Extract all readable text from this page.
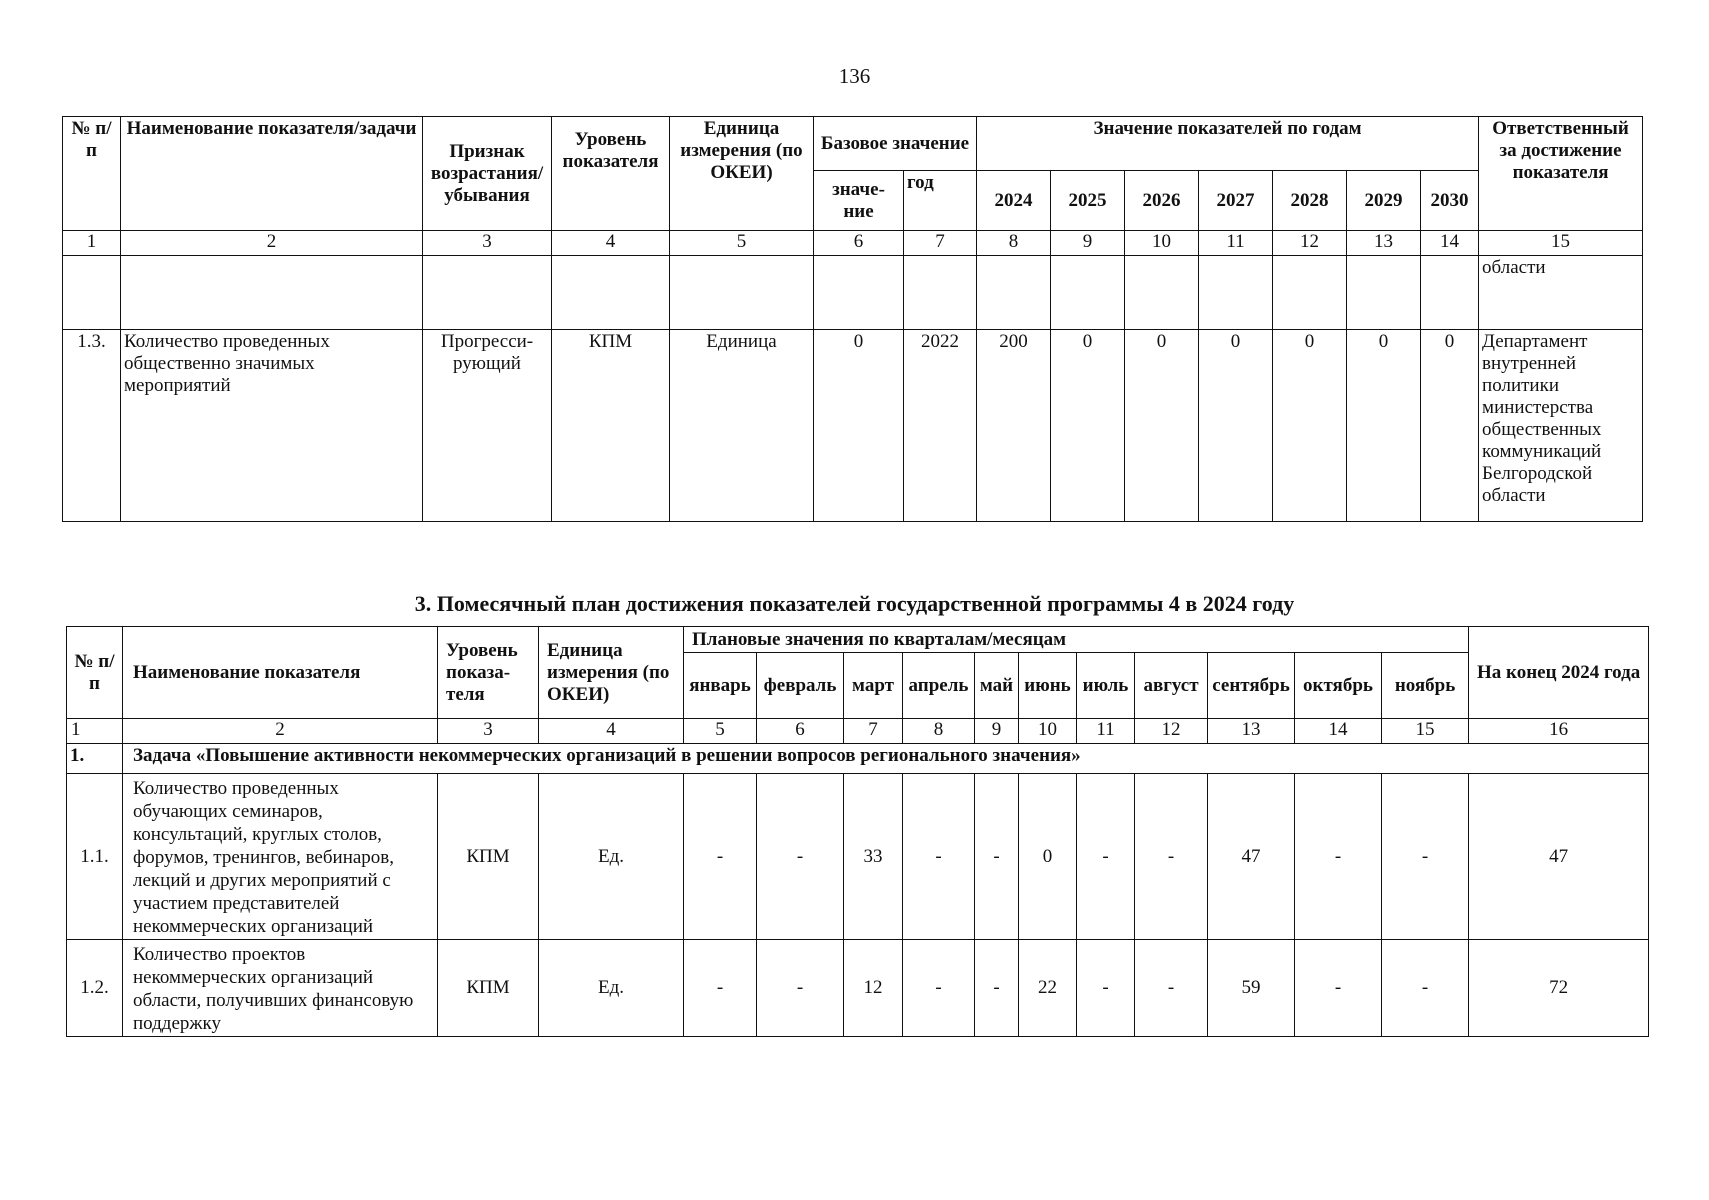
136
№ п/п	Наименование показателя/задачи	Признак возрастания/ убывания	Уровень показателя	Единица измерения (по ОКЕИ)	Базовое значение		Значение показателей по годам							Ответственный за достижение показателя
					значе- ние	год	2024	2025	2026	2027	2028	2029	2030	
1	2	3	4	5	6	7	8	9	10	11	12	13	14	15
														области
1.3.	Количество проведенных общественно значимых мероприятий	Прогресси- рующий	КПМ	Единица	0	2022	200	0	0	0	0	0	0	Департамент внутренней политики министерства общественных коммуникаций Белгородской области
3. Помесячный план достижения показателей государственной программы 4 в 2024 году
№ п/п	Наименование показателя	Уровень показа- теля	Единица измерения (по ОКЕИ)	Плановые значения по кварталам/месяцам											На конец 2024 года
				январь	февраль	март	апрель	май	июнь	июль	август	сентябрь	октябрь	ноябрь	
1	2	3	4	5	6	7	8	9	10	11	12	13	14	15	16
1.	Задача «Повышение активности некоммерческих организаций в решении вопросов регионального значения»														
1.1.	Количество проведенных обучающих семинаров, консультаций, круглых столов, форумов, тренингов, вебинаров, лекций и других мероприятий с участием представителей некоммерческих организаций	КПМ	Ед.	-	-	33	-	-	0	-	-	47	-	-	47
1.2.	Количество проектов некоммерческих организаций области, получивших финансовую поддержку	КПМ	Ед.	-	-	12	-	-	22	-	-	59	-	-	72
